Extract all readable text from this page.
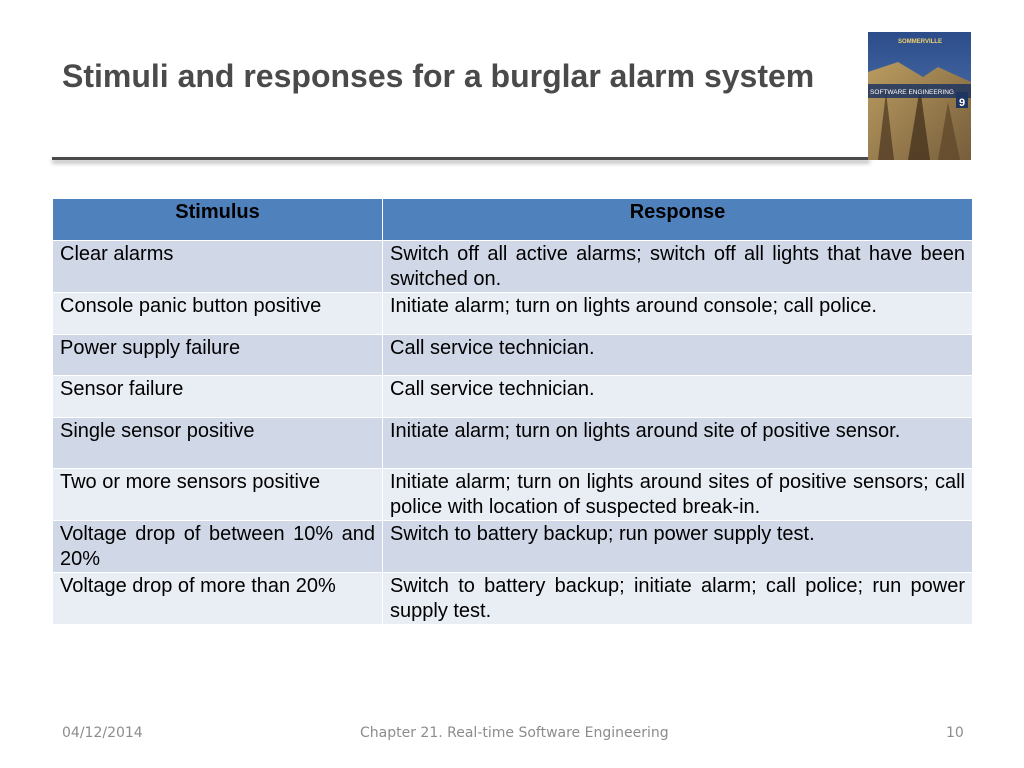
Stimuli and responses for a burglar alarm system
SOMMERVILLE
SOFTWARE ENGINEERING
9
Stimulus	Response
Clear alarms	Switch off all active alarms; switch off all lights that have been switched on.
Console panic button positive	Initiate alarm; turn on lights around console; call police.
Power supply failure	Call service technician.
Sensor failure	Call service technician.
Single sensor positive	Initiate alarm; turn on lights around site of positive sensor.
Two or more sensors positive	Initiate alarm; turn on lights around sites of positive sensors; call police with location of suspected break-in.
Voltage drop of between 10% and 20%	Switch to battery backup; run power supply test.
Voltage drop of more than 20%	Switch to battery backup; initiate alarm; call police; run power supply test.
04/12/2014	Chapter 21. Real-time Software Engineering	10
